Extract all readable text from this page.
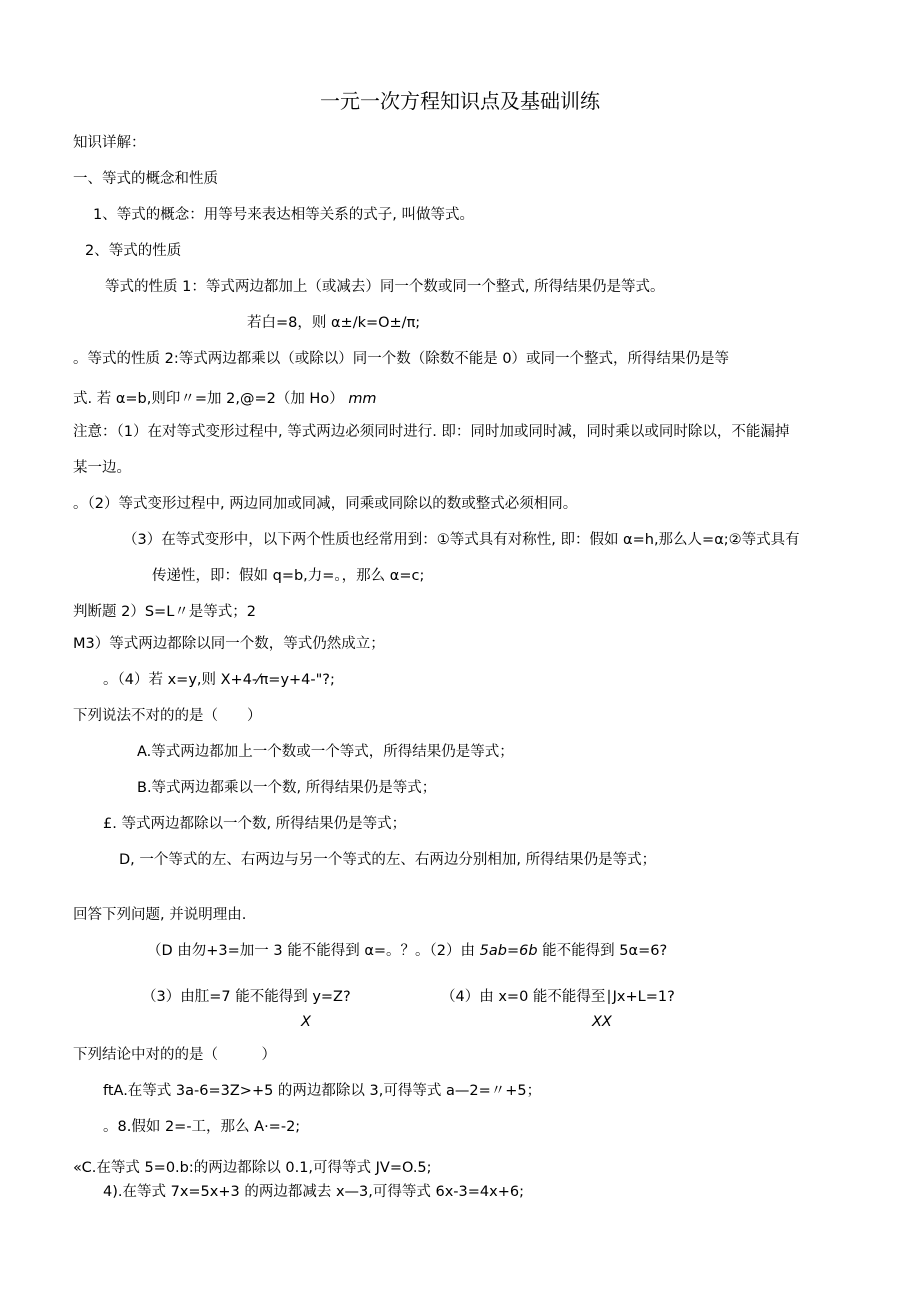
一元一次方程知识点及基础训练
知识详解：
一、等式的概念和性质
1、等式的概念：用等号来表达相等关系的式子, 叫做等式。
2、等式的性质
等式的性质 1：等式两边都加上（或减去）同一个数或同一个整式, 所得结果仍是等式。
若白=8，则 α±/k=O±/π;
。等式的性质 2:等式两边都乘以（或除以）同一个数（除数不能是 0）或同一个整式，所得结果仍是等
式. 若 α=b,则印〃=加 2,@=2（加 Ho） mm
注意：（1）在对等式变形过程中, 等式两边必须同时进行. 即：同时加或同时减，同时乘以或同时除以，不能漏掉
某一边。
。（2）等式变形过程中, 两边同加或同减，同乘或同除以的数或整式必须相同。
（3）在等式变形中，以下两个性质也经常用到：①等式具有对称性, 即：假如 α=h,那么人=α;②等式具有
传递性，即：假如 q=b,力=。，那么 α=c;
判断题 2）S=L〃是等式；2
M3）等式两边都除以同一个数，等式仍然成立；
。（4）若 x=y,则 X+4-⁄π=y+4-"?;
下列说法不对的的是（　　）
A.等式两边都加上一个数或一个等式，所得结果仍是等式；
B.等式两边都乘以一个数, 所得结果仍是等式；
£. 等式两边都除以一个数, 所得结果仍是等式；
D, 一个等式的左、右两边与另一个等式的左、右两边分别相加, 所得结果仍是等式；
回答下列问题, 并说明理由.
（D 由勿+3=加一 3 能不能得到 α=。？。（2）由 5ab=6b 能不能得到 5α=6?
（3）由肛=7 能不能得到 y=Z?	（4）由 x=0 能不能得至∣Jx+L=1?
X	XX
下列结论中对的的是（　　　）
ftA.在等式 3a-6=3Z>+5 的两边都除以 3,可得等式 a—2=〃+5；
。8.假如 2=-工，那么 A·=-2;
«C.在等式 5=0.b:的两边都除以 0.1,可得等式 JV=O.5;
4).在等式 7x=5x+3 的两边都减去 x—3,可得等式 6x-3=4x+6;
